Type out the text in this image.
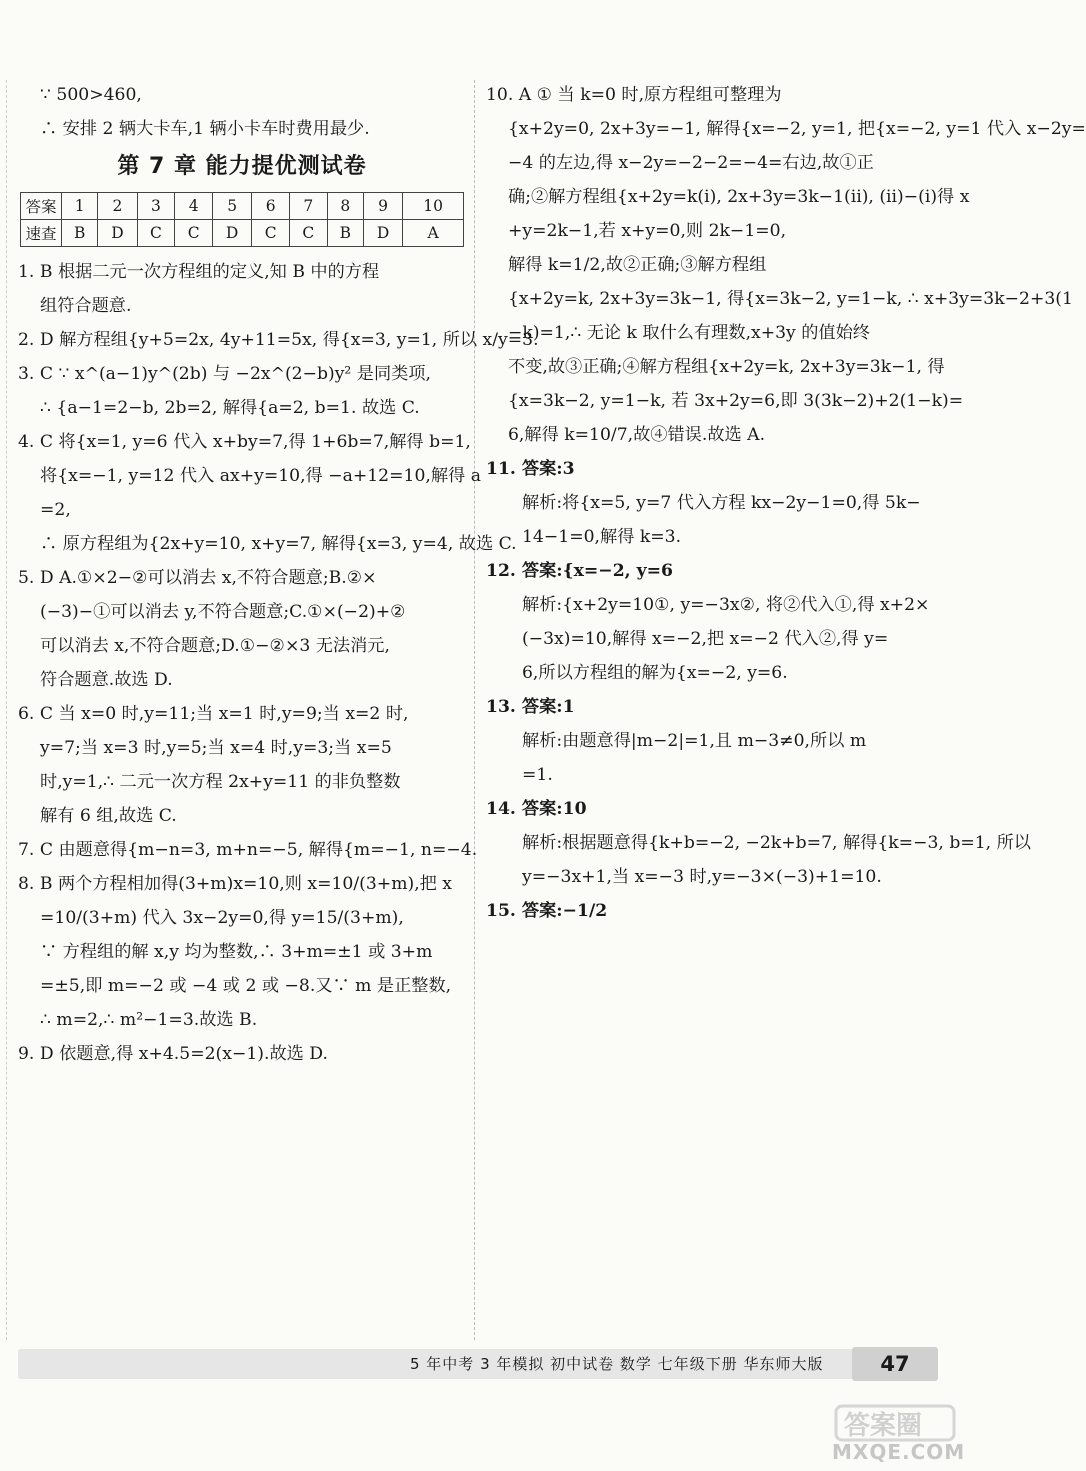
∵ 500>460,
∴ 安排 2 辆大卡车,1 辆小卡车时费用最少.
第 7 章 能力提优测试卷
答案	1	2	3	4	5	6	7	8	9	10
速查	B	D	C	C	D	C	C	B	D	A
1. B 根据二元一次方程组的定义,知 B 中的方程
组符合题意.
2. D 解方程组{y+5=2x, 4y+11=5x, 得{x=3, y=1, 所以 x/y=3.
3. C ∵ x^(a−1)y^(2b) 与 −2x^(2−b)y² 是同类项,
∴ {a−1=2−b, 2b=2, 解得{a=2, b=1. 故选 C.
4. C 将{x=1, y=6 代入 x+by=7,得 1+6b=7,解得 b=1,
将{x=−1, y=12 代入 ax+y=10,得 −a+12=10,解得 a
=2,
∴ 原方程组为{2x+y=10, x+y=7, 解得{x=3, y=4, 故选 C.
5. D A.①×2−②可以消去 x,不符合题意;B.②×
(−3)−①可以消去 y,不符合题意;C.①×(−2)+②
可以消去 x,不符合题意;D.①−②×3 无法消元,
符合题意.故选 D.
6. C 当 x=0 时,y=11;当 x=1 时,y=9;当 x=2 时,
y=7;当 x=3 时,y=5;当 x=4 时,y=3;当 x=5
时,y=1,∴ 二元一次方程 2x+y=11 的非负整数
解有 6 组,故选 C.
7. C 由题意得{m−n=3, m+n=−5, 解得{m=−1, n=−4.
8. B 两个方程相加得(3+m)x=10,则 x=10/(3+m),把 x
=10/(3+m) 代入 3x−2y=0,得 y=15/(3+m),
∵ 方程组的解 x,y 均为整数,∴ 3+m=±1 或 3+m
=±5,即 m=−2 或 −4 或 2 或 −8.又∵ m 是正整数,
∴ m=2,∴ m²−1=3.故选 B.
9. D 依题意,得 x+4.5=2(x−1).故选 D.
10. A ① 当 k=0 时,原方程组可整理为
{x+2y=0, 2x+3y=−1, 解得{x=−2, y=1, 把{x=−2, y=1 代入 x−2y=
−4 的左边,得 x−2y=−2−2=−4=右边,故①正
确;②解方程组{x+2y=k(i), 2x+3y=3k−1(ii), (ii)−(i)得 x
+y=2k−1,若 x+y=0,则 2k−1=0,
解得 k=1/2,故②正确;③解方程组
{x+2y=k, 2x+3y=3k−1, 得{x=3k−2, y=1−k, ∴ x+3y=3k−2+3(1
−k)=1,∴ 无论 k 取什么有理数,x+3y 的值始终
不变,故③正确;④解方程组{x+2y=k, 2x+3y=3k−1, 得
{x=3k−2, y=1−k, 若 3x+2y=6,即 3(3k−2)+2(1−k)=
6,解得 k=10/7,故④错误.故选 A.
11. 答案:3
解析:将{x=5, y=7 代入方程 kx−2y−1=0,得 5k−
14−1=0,解得 k=3.
12. 答案:{x=−2, y=6
解析:{x+2y=10①, y=−3x②, 将②代入①,得 x+2×
(−3x)=10,解得 x=−2,把 x=−2 代入②,得 y=
6,所以方程组的解为{x=−2, y=6.
13. 答案:1
解析:由题意得|m−2|=1,且 m−3≠0,所以 m
=1.
14. 答案:10
解析:根据题意得{k+b=−2, −2k+b=7, 解得{k=−3, b=1, 所以
y=−3x+1,当 x=−3 时,y=−3×(−3)+1=10.
15. 答案:−1/2
5 年中考 3 年模拟 初中试卷 数学 七年级下册 华东师大版	47
答案圈
MXQE.COM
